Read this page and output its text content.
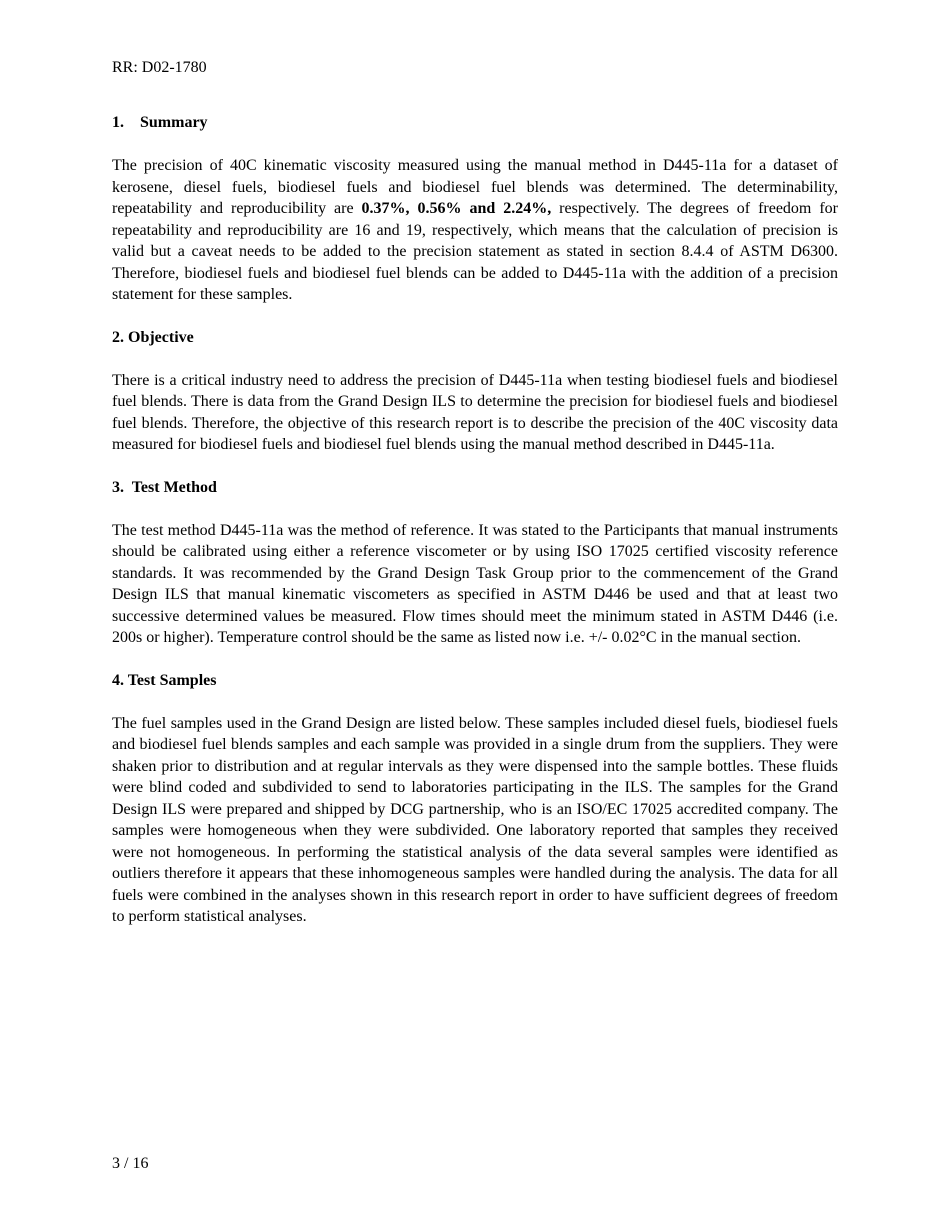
RR: D02-1780
1. Summary

The precision of 40C kinematic viscosity measured using the manual method in D445-11a for a dataset of kerosene, diesel fuels, biodiesel fuels and biodiesel fuel blends was determined. The determinability, repeatability and reproducibility are 0.37%, 0.56% and 2.24%, respectively. The degrees of freedom for repeatability and reproducibility are 16 and 19, respectively, which means that the calculation of precision is valid but a caveat needs to be added to the precision statement as stated in section 8.4.4 of ASTM D6300. Therefore, biodiesel fuels and biodiesel fuel blends can be added to D445-11a with the addition of a precision statement for these samples.

2. Objective

There is a critical industry need to address the precision of D445-11a when testing biodiesel fuels and biodiesel fuel blends. There is data from the Grand Design ILS to determine the precision for biodiesel fuels and biodiesel fuel blends. Therefore, the objective of this research report is to describe the precision of the 40C viscosity data measured for biodiesel fuels and biodiesel fuel blends using the manual method described in D445-11a.

3. Test Method

The test method D445-11a was the method of reference. It was stated to the Participants that manual instruments should be calibrated using either a reference viscometer or by using ISO 17025 certified viscosity reference standards. It was recommended by the Grand Design Task Group prior to the commencement of the Grand Design ILS that manual kinematic viscometers as specified in ASTM D446 be used and that at least two successive determined values be measured. Flow times should meet the minimum stated in ASTM D446 (i.e. 200s or higher). Temperature control should be the same as listed now i.e. +/- 0.02°C in the manual section.

4. Test Samples

The fuel samples used in the Grand Design are listed below. These samples included diesel fuels, biodiesel fuels and biodiesel fuel blends samples and each sample was provided in a single drum from the suppliers. They were shaken prior to distribution and at regular intervals as they were dispensed into the sample bottles. These fluids were blind coded and subdivided to send to laboratories participating in the ILS. The samples for the Grand Design ILS were prepared and shipped by DCG partnership, who is an ISO/EC 17025 accredited company. The samples were homogeneous when they were subdivided. One laboratory reported that samples they received were not homogeneous. In performing the statistical analysis of the data several samples were identified as outliers therefore it appears that these inhomogeneous samples were handled during the analysis. The data for all fuels were combined in the analyses shown in this research report in order to have sufficient degrees of freedom to perform statistical analyses.

3 / 16
